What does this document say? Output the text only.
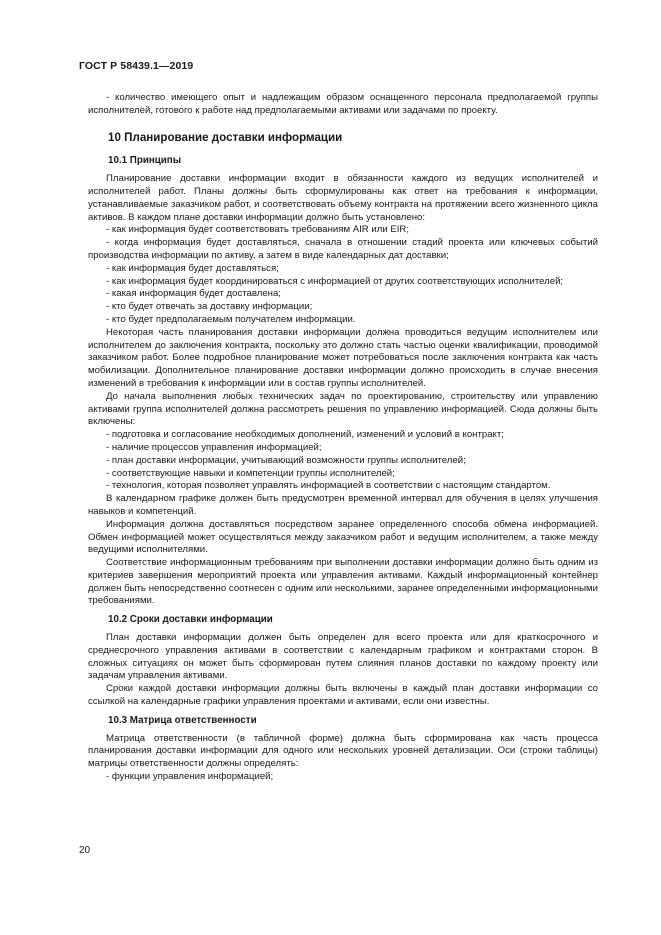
ГОСТ Р 58439.1—2019

- количество имеющего опыт и надлежащим образом оснащенного персонала предполагаемой группы исполнителей, готового к работе над предполагаемыми активами или задачами по проекту.

10 Планирование доставки информации

10.1 Принципы

Планирование доставки информации входит в обязанности каждого из ведущих исполнителей и исполнителей работ. Планы должны быть сформулированы как ответ на требования к информации, устанавливаемые заказчиком работ, и соответствовать объему контракта на протяжении всего жизненного цикла активов. В каждом плане доставки информации должно быть установлено:

- как информация будет соответствовать требованиям AIR или EIR;

- когда информация будет доставляться, сначала в отношении стадий проекта или ключевых событий производства информации по активу, а затем в виде календарных дат доставки;

- как информация будет доставляться;

- как информация будет координироваться с информацией от других соответствующих исполнителей;

- какая информация будет доставлена;

- кто будет отвечать за доставку информации;

- кто будет предполагаемым получателем информации.

Некоторая часть планирования доставки информации должна проводиться ведущим исполнителем или исполнителем до заключения контракта, поскольку это должно стать частью оценки квалификации, проводимой заказчиком работ. Более подробное планирование может потребоваться после заключения контракта как часть мобилизации. Дополнительное планирование доставки информации должно происходить в случае внесения изменений в требования к информации или в состав группы исполнителей.

До начала выполнения любых технических задач по проектированию, строительству или управлению активами группа исполнителей должна рассмотреть решения по управлению информацией. Сюда должны быть включены:

- подготовка и согласование необходимых дополнений, изменений и условий в контракт;

- наличие процессов управления информацией;

- план доставки информации, учитывающий возможности группы исполнителей;

- соответствующие навыки и компетенции группы исполнителей;

- технология, которая позволяет управлять информацией в соответствии с настоящим стандартом.

В календарном графике должен быть предусмотрен временной интервал для обучения в целях улучшения навыков и компетенций.

Информация должна доставляться посредством заранее определенного способа обмена информацией. Обмен информацией может осуществляться между заказчиком работ и ведущим исполнителем, а также между ведущими исполнителями.

Соответствие информационным требованиям при выполнении доставки информации должно быть одним из критериев завершения мероприятий проекта или управления активами. Каждый информационный контейнер должен быть непосредственно соотнесен с одним или несколькими, заранее определенными информационными требованиями.

10.2 Сроки доставки информации

План доставки информации должен быть определен для всего проекта или для краткосрочного и среднесрочного управления активами в соответствии с календарным графиком и контрактами сторон. В сложных ситуациях он может быть сформирован путем слияния планов доставки по каждому проекту или задачам управления активами.

Сроки каждой доставки информации должны быть включены в каждый план доставки информации со ссылкой на календарные графики управления проектами и активами, если они известны.

10.3 Матрица ответственности

Матрица ответственности (в табличной форме) должна быть сформирована как часть процесса планирования доставки информации для одного или нескольких уровней детализации. Оси (строки таблицы) матрицы ответственности должны определять:

- функции управления информацией;

20
